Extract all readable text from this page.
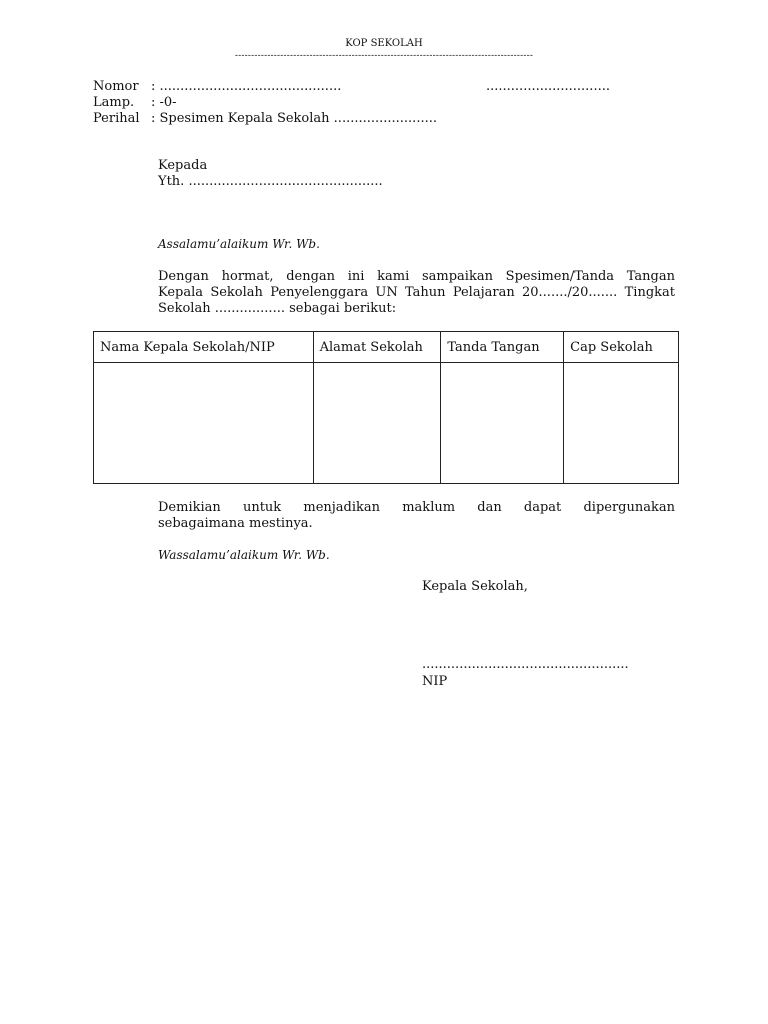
KOP SEKOLAH
--------------------------------------------------------------------------------------------
Nomor : ............................................	..............................
Lamp. : -0-
Perihal : Spesimen Kepala Sekolah .........................
Kepada
Yth. ...............................................
Assalamu’alaikum Wr. Wb.
Dengan hormat, dengan ini kami sampaikan Spesimen/Tanda Tangan
Kepala Sekolah Penyelenggara UN Tahun Pelajaran 20......./20....... Tingkat
Sekolah ................. sebagai berikut:
Nama Kepala Sekolah/NIP	Alamat Sekolah	Tanda Tangan	Cap Sekolah

Demikian untuk menjadikan maklum dan dapat dipergunakan
sebagaimana mestinya.
Wassalamu’alaikum Wr. Wb.
Kepala Sekolah,
..................................................
NIP
